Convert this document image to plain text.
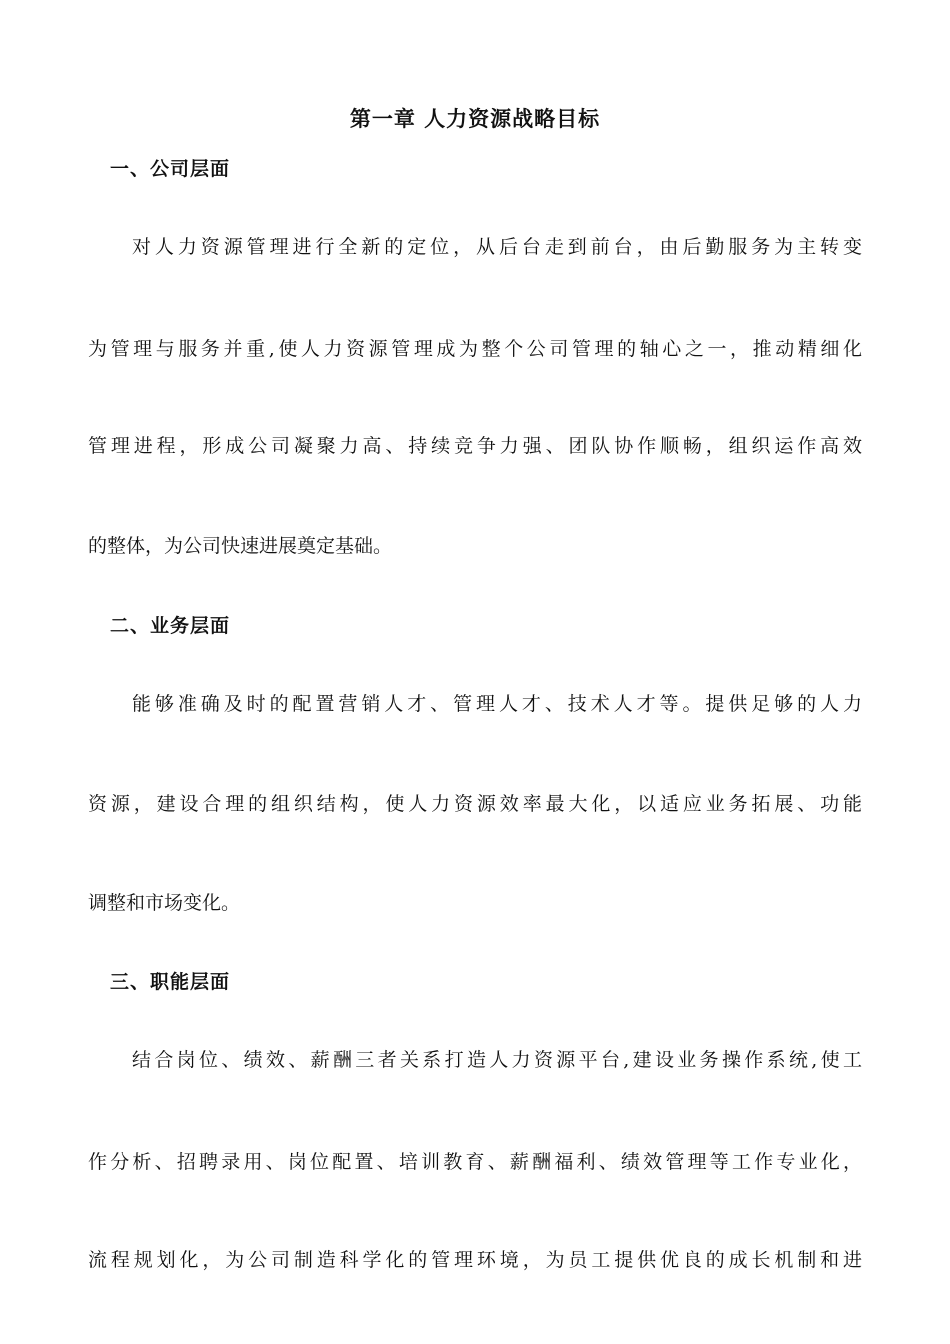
第一章 人力资源战略目标
一、公司层面
对人力资源管理进行全新的定位，从后台走到前台，由后勤服务为主转变
为管理与服务并重,使人力资源管理成为整个公司管理的轴心之一，推动精细化
管理进程，形成公司凝聚力高、持续竞争力强、团队协作顺畅，组织运作高效
的整体，为公司快速进展奠定基础。
二、业务层面
能够准确及时的配置营销人才、管理人才、技术人才等。提供足够的人力
资源，建设合理的组织结构，使人力资源效率最大化，以适应业务拓展、功能
调整和市场变化。
三、职能层面
结合岗位、绩效、薪酬三者关系打造人力资源平台,建设业务操作系统,使工
作分析、招聘录用、岗位配置、培训教育、薪酬福利、绩效管理等工作专业化，
流程规划化，为公司制造科学化的管理环境，为员工提供优良的成长机制和进
